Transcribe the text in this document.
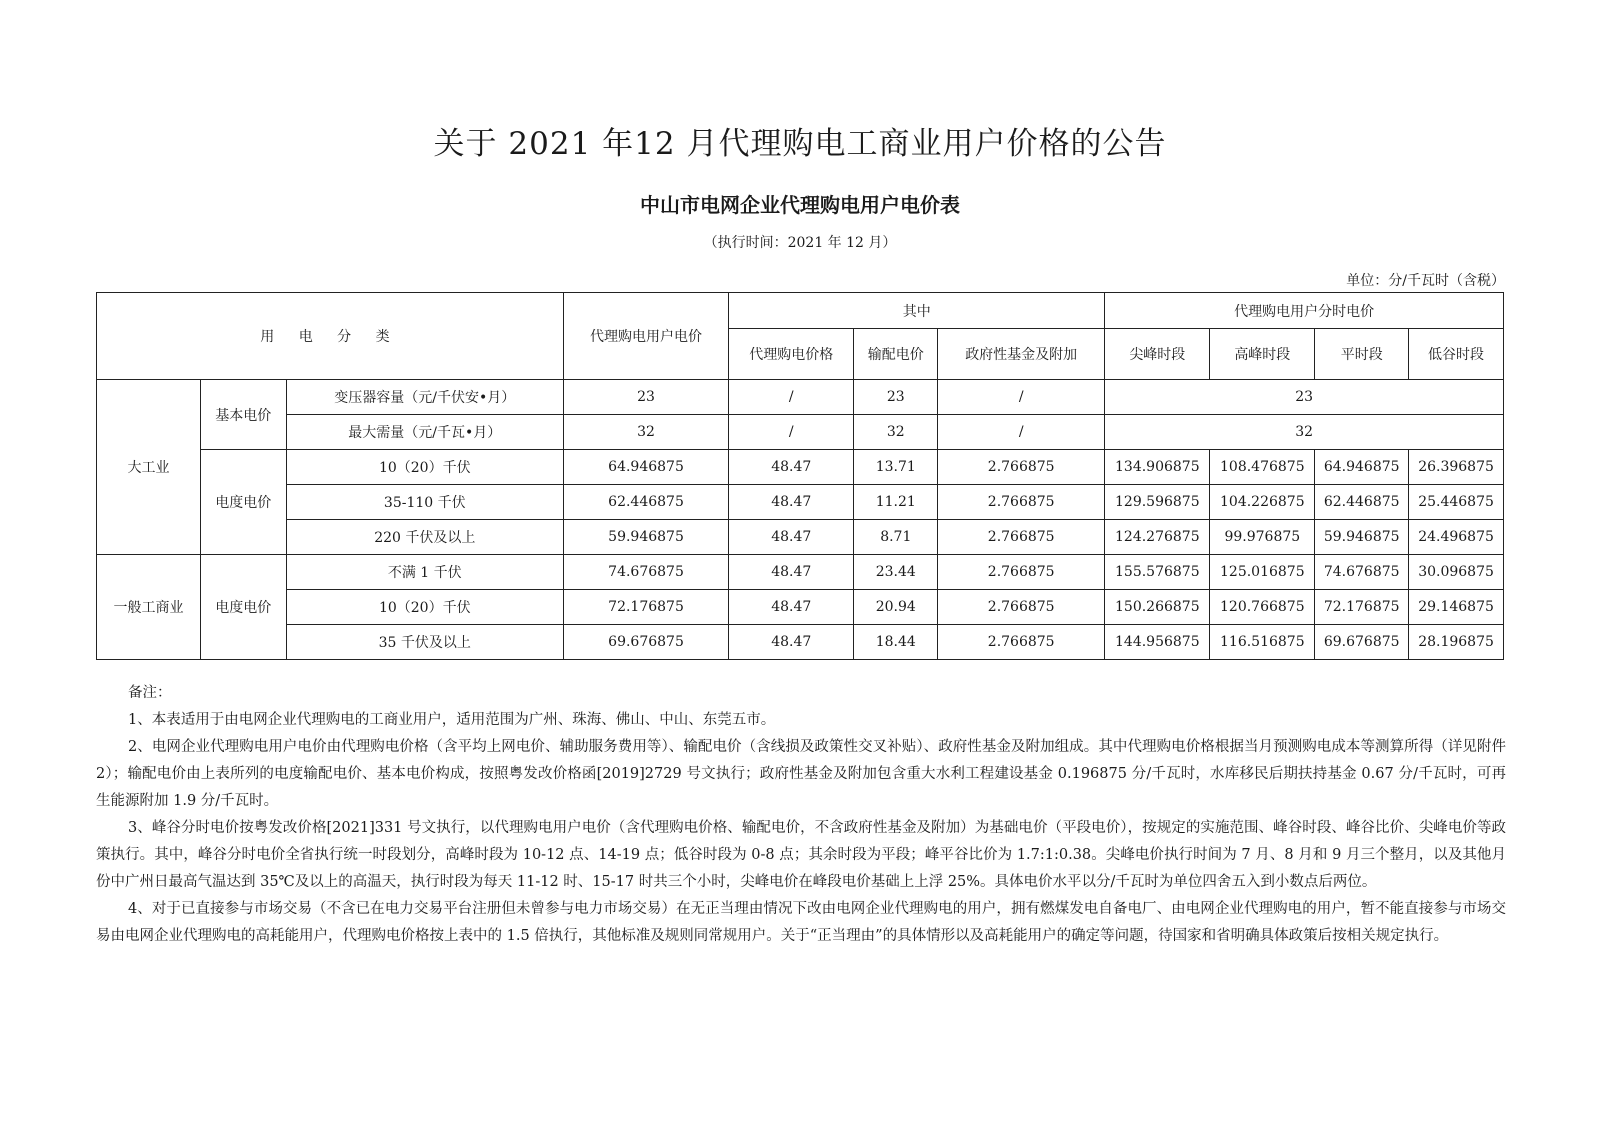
关于 2021 年12 月代理购电工商业用户价格的公告
中山市电网企业代理购电用户电价表
（执行时间：2021 年 12 月）
单位：分/千瓦时（含税）
用 电 分 类			代理购电用户电价	其中			代理购电用户分时电价			
				代理购电价格	输配电价	政府性基金及附加	尖峰时段	高峰时段	平时段	低谷时段
大工业	基本电价	变压器容量（元/千伏安•月）	23	/	23	/	23			
		最大需量（元/千瓦•月）	32	/	32	/	32			
	电度电价	10（20）千伏	64.946875	48.47	13.71	2.766875	134.906875	108.476875	64.946875	26.396875
		35-110 千伏	62.446875	48.47	11.21	2.766875	129.596875	104.226875	62.446875	25.446875
		220 千伏及以上	59.946875	48.47	8.71	2.766875	124.276875	99.976875	59.946875	24.496875
一般工商业	电度电价	不满 1 千伏	74.676875	48.47	23.44	2.766875	155.576875	125.016875	74.676875	30.096875
		10（20）千伏	72.176875	48.47	20.94	2.766875	150.266875	120.766875	72.176875	29.146875
		35 千伏及以上	69.676875	48.47	18.44	2.766875	144.956875	116.516875	69.676875	28.196875
备注：

1、本表适用于由电网企业代理购电的工商业用户，适用范围为广州、珠海、佛山、中山、东莞五市。

2、电网企业代理购电用户电价由代理购电价格（含平均上网电价、辅助服务费用等）、输配电价（含线损及政策性交叉补贴）、政府性基金及附加组成。其中代理购电价格根据当月预测购电成本等测算所得（详见附件 2）；输配电价由上表所列的电度输配电价、基本电价构成，按照粤发改价格函[2019]2729 号文执行；政府性基金及附加包含重大水利工程建设基金 0.196875 分/千瓦时，水库移民后期扶持基金 0.67 分/千瓦时，可再生能源附加 1.9 分/千瓦时。

3、峰谷分时电价按粤发改价格[2021]331 号文执行，以代理购电用户电价（含代理购电价格、输配电价，不含政府性基金及附加）为基础电价（平段电价），按规定的实施范围、峰谷时段、峰谷比价、尖峰电价等政策执行。其中，峰谷分时电价全省执行统一时段划分，高峰时段为 10-12 点、14-19 点；低谷时段为 0-8 点；其余时段为平段；峰平谷比价为 1.7:1:0.38。尖峰电价执行时间为 7 月、8 月和 9 月三个整月，以及其他月份中广州日最高气温达到 35℃及以上的高温天，执行时段为每天 11-12 时、15-17 时共三个小时，尖峰电价在峰段电价基础上上浮 25%。具体电价水平以分/千瓦时为单位四舍五入到小数点后两位。

4、对于已直接参与市场交易（不含已在电力交易平台注册但未曾参与电力市场交易）在无正当理由情况下改由电网企业代理购电的用户，拥有燃煤发电自备电厂、由电网企业代理购电的用户，暂不能直接参与市场交易由电网企业代理购电的高耗能用户，代理购电价格按上表中的 1.5 倍执行，其他标准及规则同常规用户。关于“正当理由”的具体情形以及高耗能用户的确定等问题，待国家和省明确具体政策后按相关规定执行。
